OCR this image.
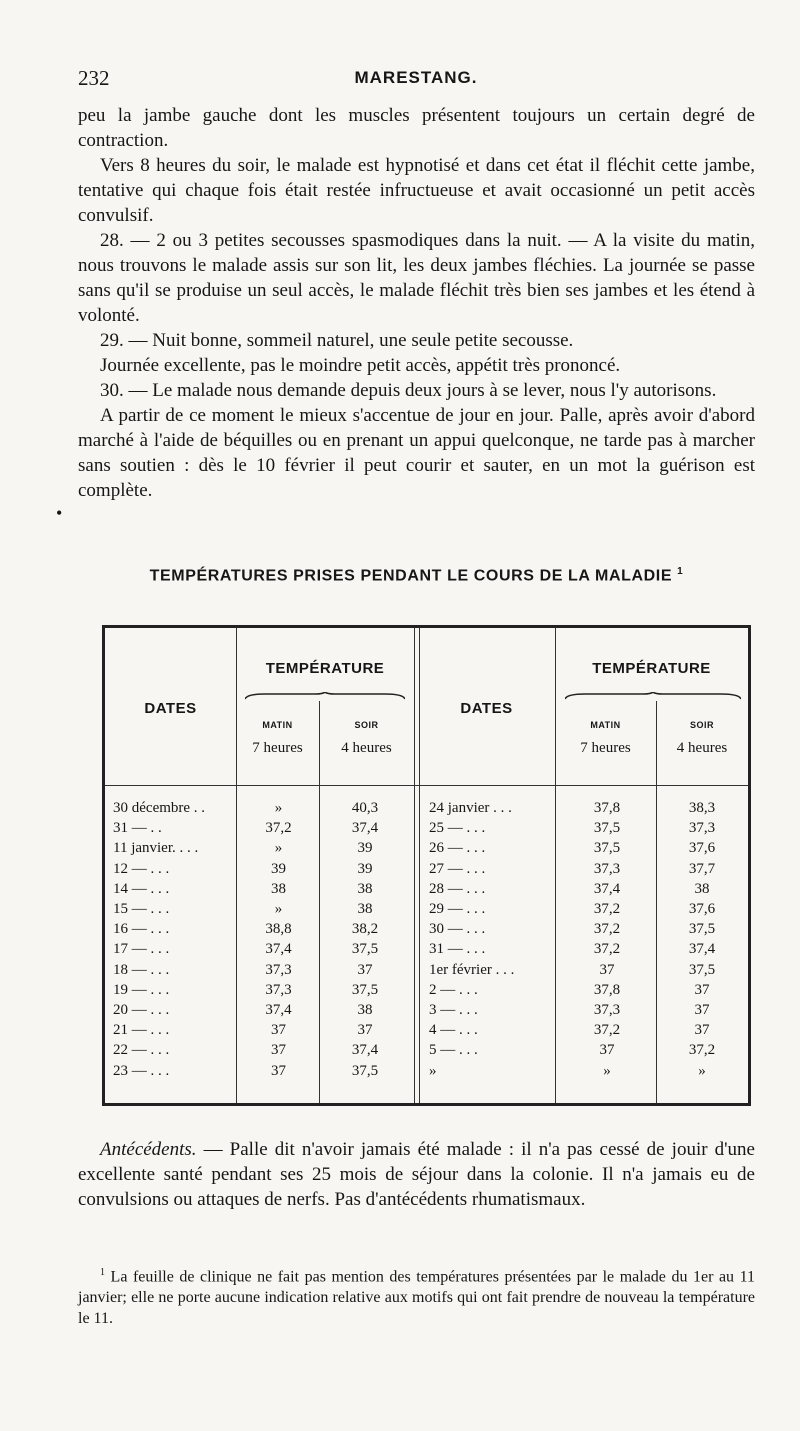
232	MARESTANG.

peu la jambe gauche dont les muscles présentent toujours un certain degré de contraction.

Vers 8 heures du soir, le malade est hypnotisé et dans cet état il fléchit cette jambe, tentative qui chaque fois était restée infructueuse et avait occasionné un petit accès convulsif.

28. — 2 ou 3 petites secousses spasmodiques dans la nuit. — A la visite du matin, nous trouvons le malade assis sur son lit, les deux jambes fléchies. La journée se passe sans qu'il se produise un seul accès, le malade fléchit très bien ses jambes et les étend à volonté.

29. — Nuit bonne, sommeil naturel, une seule petite secousse.

Journée excellente, pas le moindre petit accès, appétit très prononcé.

30. — Le malade nous demande depuis deux jours à se lever, nous l'y autorisons.

A partir de ce moment le mieux s'accentue de jour en jour. Palle, après avoir d'abord marché à l'aide de béquilles ou en prenant un appui quelconque, ne tarde pas à marcher sans soutien : dès le 10 février il peut courir et sauter, en un mot la guérison est complète.

•
TEMPÉRATURES PRISES PENDANT LE COURS DE LA MALADIE $^1$
DATES
TEMPÉRATURE
MATIN	SOIR
7 heures	4 heures
DATES
TEMPÉRATURE
MATIN	SOIR
7 heures	4 heures
30 décembre . .	»	40,3	24 janvier . . .	37,8	38,3
31 — . .	37,2	37,4	25 — . . .	37,5	37,3
11 janvier. . . .	»	39	26 — . . .	37,5	37,6
12 — . . .	39	39	27 — . . .	37,3	37,7
14 — . . .	38	38	28 — . . .	37,4	38
15 — . . .	»	38	29 — . . .	37,2	37,6
16 — . . .	38,8	38,2	30 — . . .	37,2	37,5
17 — . . .	37,4	37,5	31 — . . .	37,2	37,4
18 — . . .	37,3	37	1er février . . .	37	37,5
19 — . . .	37,3	37,5	2 — . . .	37,8	37
20 — . . .	37,4	38	3 — . . .	37,3	37
21 — . . .	37	37	4 — . . .	37,2	37
22 — . . .	37	37,4	5 — . . .	37	37,2
23 — . . .	37	37,5	»	»	»

Antécédents. — Palle dit n'avoir jamais été malade : il n'a pas cessé de jouir d'une excellente santé pendant ses 25 mois de séjour dans la colonie. Il n'a jamais eu de convulsions ou attaques de nerfs. Pas d'antécédents rhumatismaux.

$^1$ La feuille de clinique ne fait pas mention des températures présentées par le malade du 1er au 11 janvier; elle ne porte aucune indication relative aux motifs qui ont fait prendre de nouveau la température le 11.
